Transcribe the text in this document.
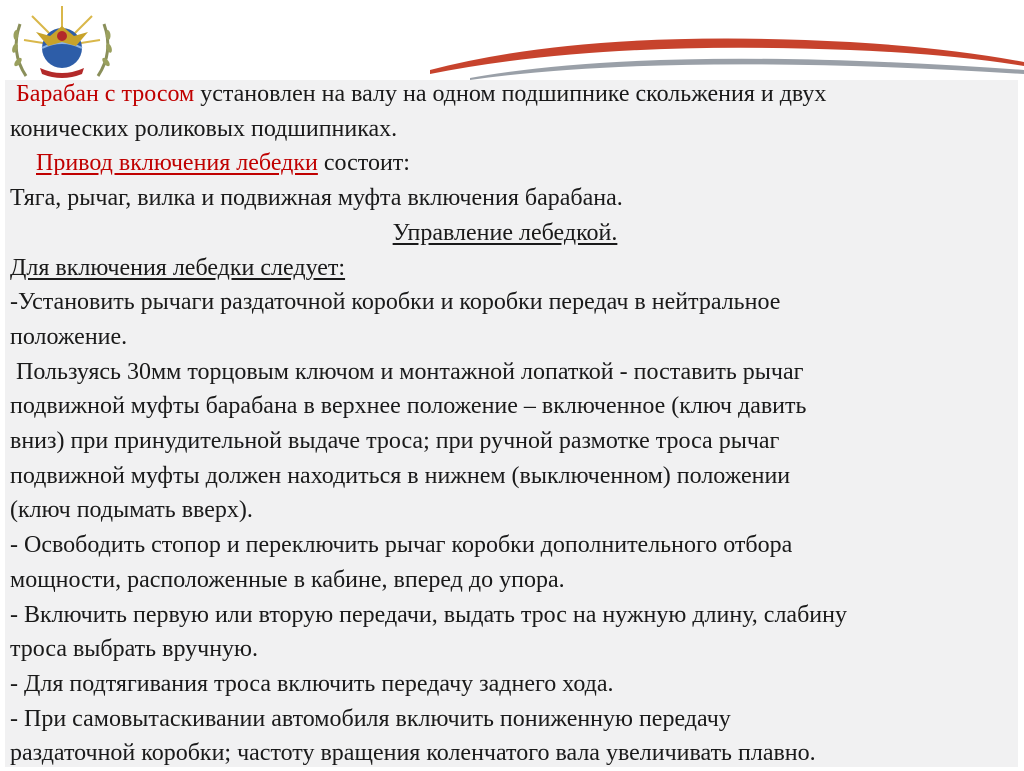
Барабан с тросом установлен на валу на одном подшипнике скольжения и двух

конических роликовых подшипниках.

Привод включения лебедки состоит:

Тяга, рычаг, вилка и подвижная муфта включения барабана.

Управление лебедкой.

Для включения лебедки следует:

-Установить рычаги раздаточной коробки и коробки передач в нейтральное

положение.

Пользуясь 30мм торцовым ключом и монтажной лопаткой - поставить рычаг

подвижной муфты барабана в верхнее положение – включенное (ключ давить

вниз) при принудительной выдаче троса; при ручной размотке троса рычаг

подвижной муфты должен находиться в нижнем (выключенном) положении

(ключ подымать вверх).

- Освободить стопор и переключить рычаг коробки дополнительного отбора

мощности, расположенные в кабине, вперед до упора.

- Включить первую или вторую передачи, выдать трос на нужную длину, слабину

троса выбрать вручную.

- Для подтягивания троса включить передачу заднего хода.

- При самовытаскивании автомобиля включить пониженную передачу

раздаточной коробки; частоту вращения коленчатого вала увеличивать плавно.
